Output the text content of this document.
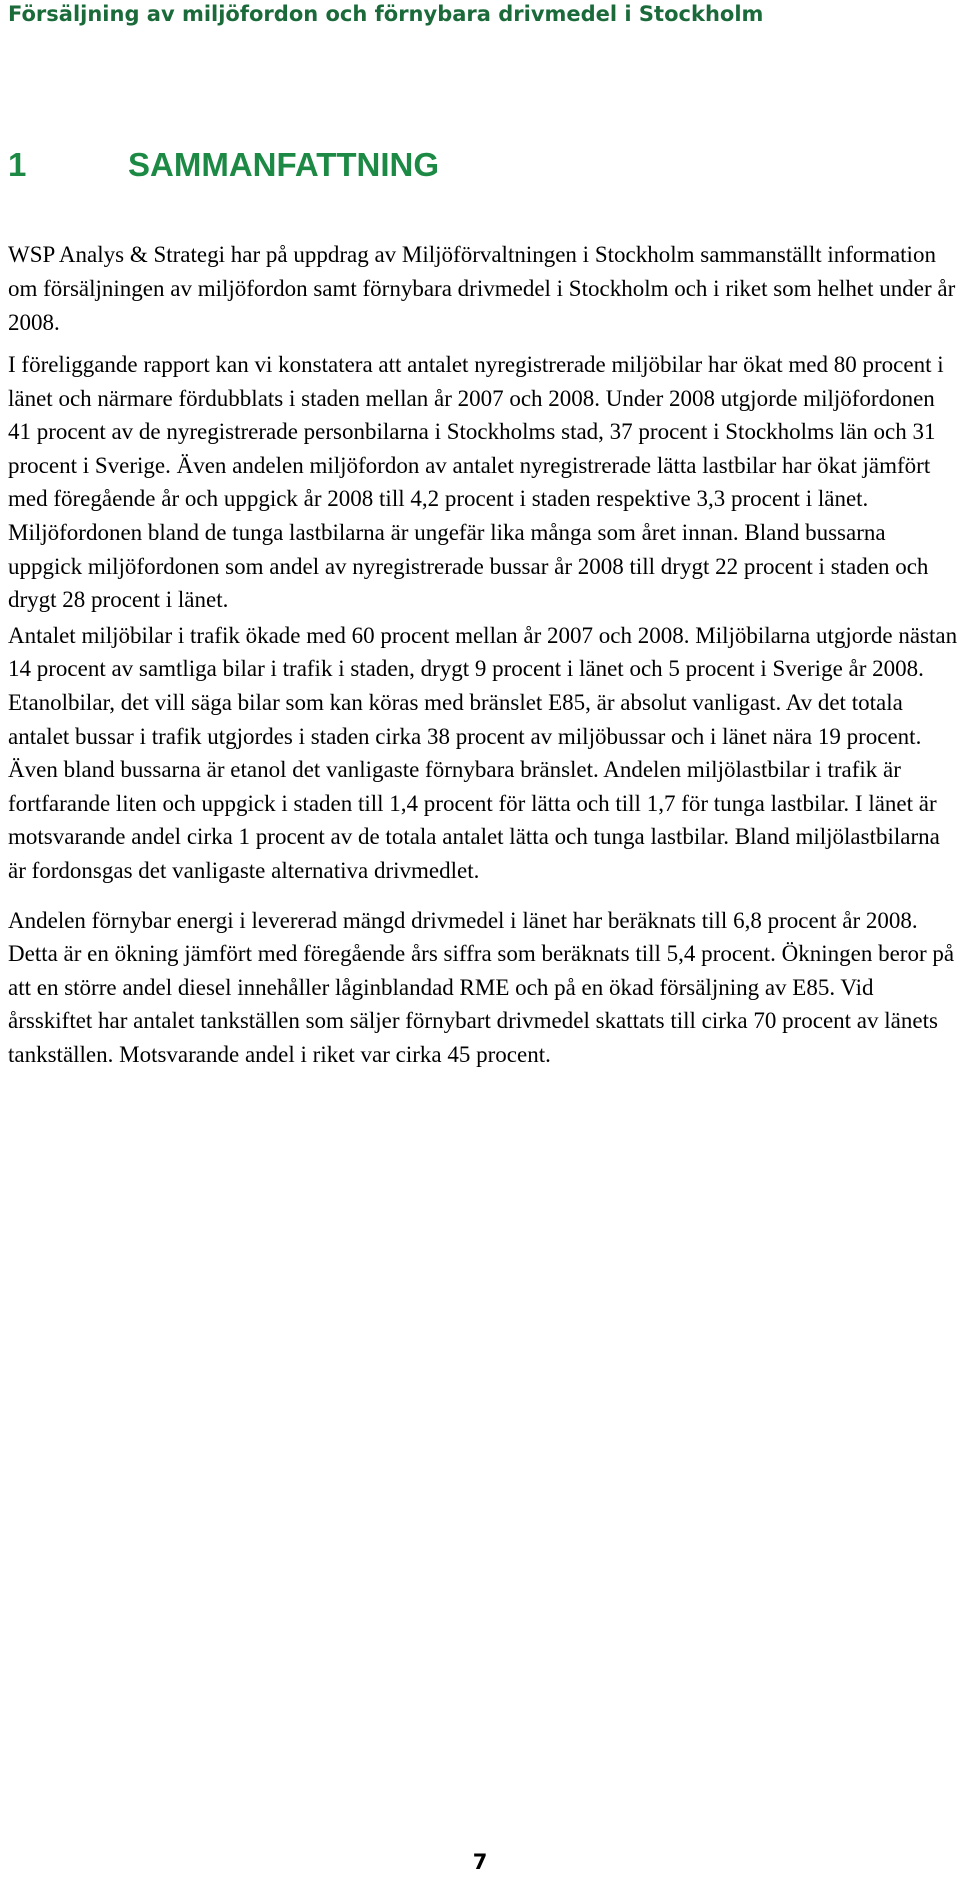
Försäljning av miljöfordon och förnybara drivmedel i Stockholm
1	SAMMANFATTNING

WSP Analys & Strategi har på uppdrag av Miljöförvaltningen i Stockholm sammanställt information om försäljningen av miljöfordon samt förnybara drivmedel i Stockholm och i riket som helhet under år 2008.

I föreliggande rapport kan vi konstatera att antalet nyregistrerade miljöbilar har ökat med 80 procent i länet och närmare fördubblats i staden mellan år 2007 och 2008. Under 2008 utgjorde miljöfordonen 41 procent av de nyregistrerade personbilarna i Stockholms stad, 37 procent i Stockholms län och 31 procent i Sverige. Även andelen miljöfordon av antalet nyregistrerade lätta lastbilar har ökat jämfört med föregående år och uppgick år 2008 till 4,2 procent i staden respektive 3,3 procent i länet. Miljöfordonen bland de tunga lastbilarna är ungefär lika många som året innan. Bland bussarna uppgick miljöfordonen som andel av nyregistrerade bussar år 2008 till drygt 22 procent i staden och drygt 28 procent i länet.

Antalet miljöbilar i trafik ökade med 60 procent mellan år 2007 och 2008. Miljöbilarna utgjorde nästan 14 procent av samtliga bilar i trafik i staden, drygt 9 procent i länet och 5 procent i Sverige år 2008. Etanolbilar, det vill säga bilar som kan köras med bränslet E85, är absolut vanligast. Av det totala antalet bussar i trafik utgjordes i staden cirka 38 procent av miljöbussar och i länet nära 19 procent. Även bland bussarna är etanol det vanligaste förnybara bränslet. Andelen miljölastbilar i trafik är fortfarande liten och uppgick i staden till 1,4 procent för lätta och till 1,7 för tunga lastbilar. I länet är motsvarande andel cirka 1 procent av de totala antalet lätta och tunga lastbilar. Bland miljölastbilarna är fordonsgas det vanligaste alternativa drivmedlet.

Andelen förnybar energi i levererad mängd drivmedel i länet har beräknats till 6,8 procent år 2008. Detta är en ökning jämfört med föregående års siffra som beräknats till 5,4 procent. Ökningen beror på att en större andel diesel innehåller låginblandad RME och på en ökad försäljning av E85. Vid årsskiftet har antalet tankställen som säljer förnybart drivmedel skattats till cirka 70 procent av länets tankställen. Motsvarande andel i riket var cirka 45 procent.

7
